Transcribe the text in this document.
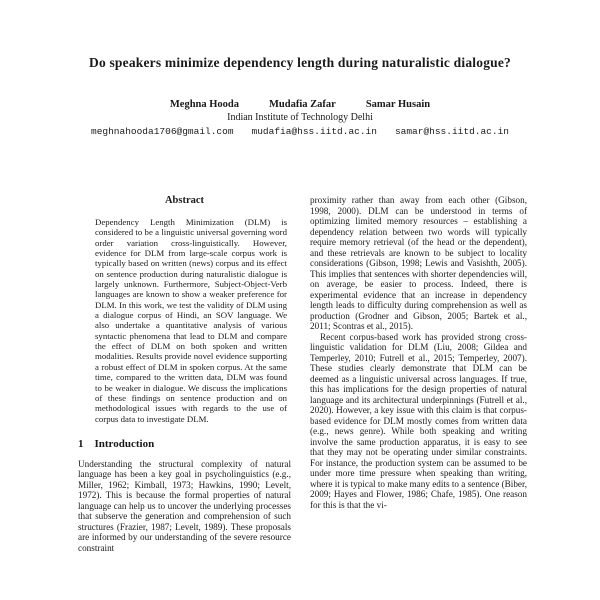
Do speakers minimize dependency length during naturalistic dialogue?
Meghna Hooda	Mudafia Zafar	Samar Husain
Indian Institute of Technology Delhi
meghnahooda1706@gmail.com mudafia@hss.iitd.ac.in samar@hss.iitd.ac.in
Abstract

Dependency Length Minimization (DLM) is considered to be a linguistic universal governing word order variation cross-linguistically. However, evidence for DLM from large-scale corpus work is typically based on written (news) corpus and its effect on sentence production during naturalistic dialogue is largely unknown. Furthermore, Subject-Object-Verb languages are known to show a weaker preference for DLM. In this work, we test the validity of DLM using a dialogue corpus of Hindi, an SOV language. We also undertake a quantitative analysis of various syntactic phenomena that lead to DLM and compare the effect of DLM on both spoken and written modalities. Results provide novel evidence supporting a robust effect of DLM in spoken corpus. At the same time, compared to the written data, DLM was found to be weaker in dialogue. We discuss the implications of these findings on sentence production and on methodological issues with regards to the use of corpus data to investigate DLM.

1 Introduction

Understanding the structural complexity of natural language has been a key goal in psycholinguistics (e.g., Miller, 1962; Kimball, 1973; Hawkins, 1990; Levelt, 1972). This is because the formal properties of natural language can help us to uncover the underlying processes that subserve the generation and comprehension of such structures (Frazier, 1987; Levelt, 1989). These proposals are informed by our understanding of the severe resource constraint

proximity rather than away from each other (Gibson, 1998, 2000). DLM can be understood in terms of optimizing limited memory resources – establishing a dependency relation between two words will typically require memory retrieval (of the head or the dependent), and these retrievals are known to be subject to locality considerations (Gibson, 1998; Lewis and Vasishth, 2005). This implies that sentences with shorter dependencies will, on average, be easier to process. Indeed, there is experimental evidence that an increase in dependency length leads to difficulty during comprehension as well as production (Grodner and Gibson, 2005; Bartek et al., 2011; Scontras et al., 2015).

Recent corpus-based work has provided strong cross-linguistic validation for DLM (Liu, 2008; Gildea and Temperley, 2010; Futrell et al., 2015; Temperley, 2007). These studies clearly demonstrate that DLM can be deemed as a linguistic universal across languages. If true, this has implications for the design properties of natural language and its architectural underpinnings (Futrell et al., 2020). However, a key issue with this claim is that corpus-based evidence for DLM mostly comes from written data (e.g., news genre). While both speaking and writing involve the same production apparatus, it is easy to see that they may not be operating under similar constraints. For instance, the production system can be assumed to be under more time pressure when speaking than writing, where it is typical to make many edits to a sentence (Biber, 2009; Hayes and Flower, 1986; Chafe, 1985). One reason for this is that the vi-
